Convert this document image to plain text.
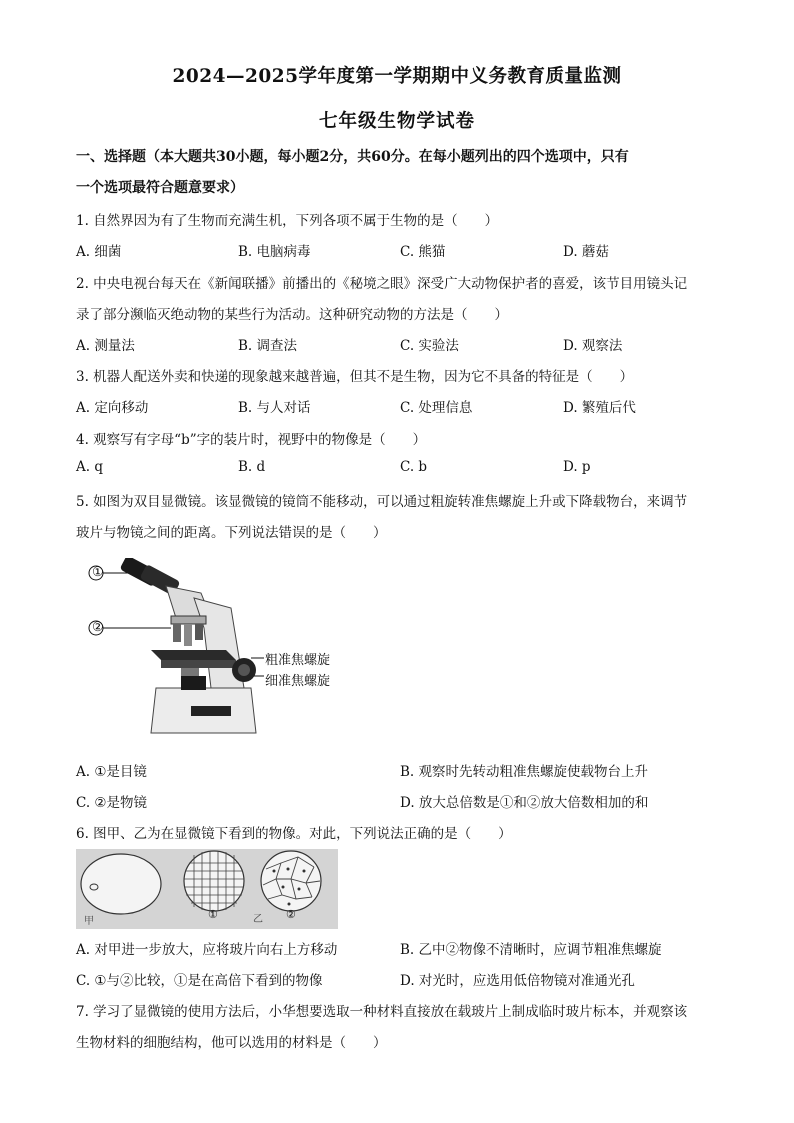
2024—2025学年度第一学期期中义务教育质量监测
七年级生物学试卷
一、选择题（本大题共30小题，每小题2分，共60分。在每小题列出的四个选项中，只有
一个选项最符合题意要求）
1. 自然界因为有了生物而充满生机，下列各项不属于生物的是（　　）
A. 细菌	B. 电脑病毒	C. 熊猫	D. 蘑菇
2. 中央电视台每天在《新闻联播》前播出的《秘境之眼》深受广大动物保护者的喜爱，该节目用镜头记
录了部分濒临灭绝动物的某些行为活动。这种研究动物的方法是（　　）
A. 测量法	B. 调查法	C. 实验法	D. 观察法
3. 机器人配送外卖和快递的现象越来越普遍，但其不是生物，因为它不具备的特征是（　　）
A. 定向移动	B. 与人对话	C. 处理信息	D. 繁殖后代
4. 观察写有字母“b”字的装片时，视野中的物像是（　　）
A. q	B. d	C. b	D. p
5. 如图为双目显微镜。该显微镜的镜筒不能移动，可以通过粗旋转准焦螺旋上升或下降载物台，来调节
玻片与物镜之间的距离。下列说法错误的是（　　）
①
②
粗准焦螺旋
细准焦螺旋
A. ①是目镜	B. 观察时先转动粗准焦螺旋使载物台上升
C. ②是物镜	D. 放大总倍数是①和②放大倍数相加的和
6. 图甲、乙为在显微镜下看到的物像。对此，下列说法正确的是（　　）
甲
①	乙 ②
A. 对甲进一步放大，应将玻片向右上方移动	B. 乙中②物像不清晰时，应调节粗准焦螺旋
C. ①与②比较，①是在高倍下看到的物像	D. 对光时，应选用低倍物镜对准通光孔
7. 学习了显微镜的使用方法后，小华想要选取一种材料直接放在载玻片上制成临时玻片标本，并观察该
生物材料的细胞结构，他可以选用的材料是（　　）
